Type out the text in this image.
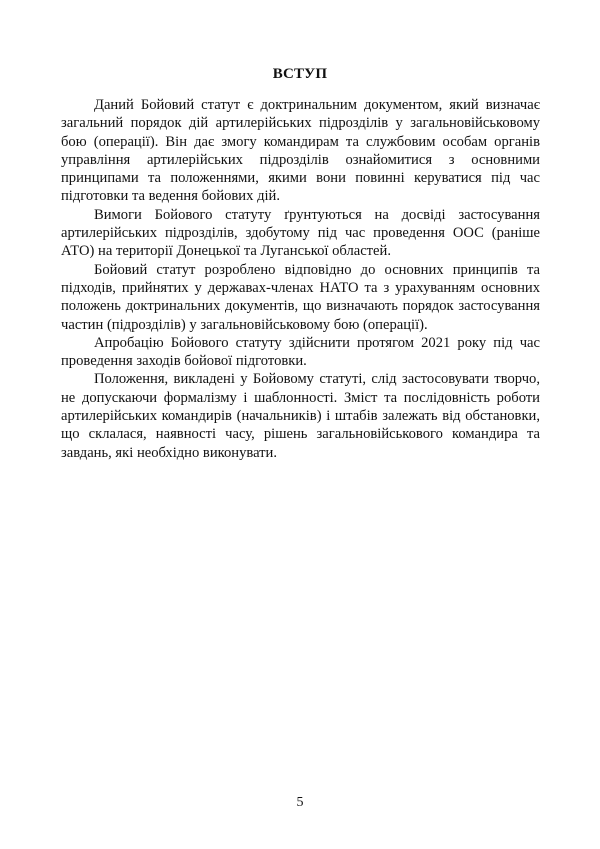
ВСТУП

Даний Бойовий статут є доктринальним документом, який визначає загальний порядок дій артилерійських підрозділів у загальновійськовому бою (операції). Він дає змогу командирам та службовим особам органів управління артилерійських підрозділів ознайомитися з основними принципами та положеннями, якими вони повинні керуватися під час підготовки та ведення бойових дій.

Вимоги Бойового статуту ґрунтуються на досвіді застосування артилерійських підрозділів, здобутому під час проведення ООС (раніше АТО) на території Донецької та Луганської областей.

Бойовий статут розроблено відповідно до основних принципів та підходів, прийнятих у державах-членах НАТО та з урахуванням основних положень доктринальних документів, що визначають порядок застосування частин (підрозділів) у загальновійськовому бою (операції).

Апробацію Бойового статуту здійснити протягом 2021 року під час проведення заходів бойової підготовки.

Положення, викладені у Бойовому статуті, слід застосовувати творчо, не допускаючи формалізму і шаблонності. Зміст та послідовність роботи артилерійських командирів (начальників) і штабів залежать від обстановки, що склалася, наявності часу, рішень загальновійськового командира та завдань, які необхідно виконувати.

5
